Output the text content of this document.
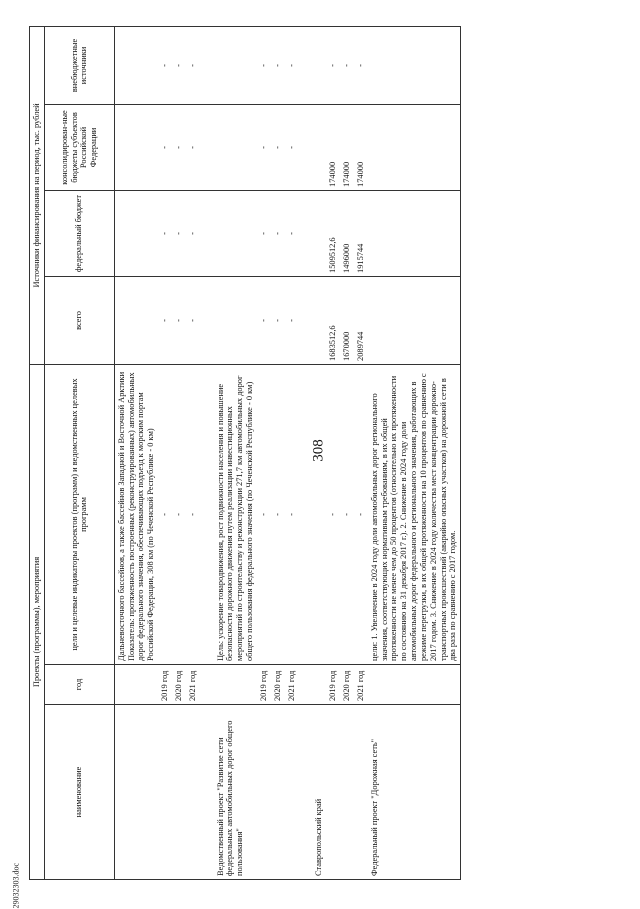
308
29032303.doc
Проекты (программы), мероприятия			Источники финансирования на период, тыс. рублей			
наименование	год	цели и целевые индикаторы проектов (программ) и ведомственных целевых программ	всего	федеральный бюджет	консолидирован-ные бюджеты субъектов Российской Федерации	внебюджетные источники
		Дальневосточного бассейнов, а также бассейнов Западной и Восточной Арктики Показатель: протяженность построенных (реконструированных) автомобильных дорог федерального значения, обеспечивающих подъезд к морским портам Российской Федерации, 308 км (по Чеченской Республике - 0 км)				
	2019 год	-	-	-	-	-
	2020 год	-	-	-	-	-
	2021 год	-	-	-	-	-

Ведомственный проект "Развитие сети федеральных автомобильных дорог общего пользования"		Цель: ускорение товародвижения, рост подвижности населения и повышение безопасности дорожного движения путем реализации инвестиционных мероприятий по строительству и реконструкции 271,7 км автомобильных дорог общего пользования федерального значения (по Чеченской Республике - 0 км)				
	2019 год	-	-	-	-	-
	2020 год	-	-	-	-	-
	2021 год	-	-	-	-	-

Ставропольский край						
	2019 год	-	1683512,6	1509512,6	174000	-
	2020 год	-	1670000	1496000	174000	-
	2021 год	-	2089744	1915744	174000	-
Федеральный проект "Дорожная сеть"		цели: 1. Увеличение в 2024 году доли автомобильных дорог регионального значения, соответствующих нормативным требованиям, в их общей протяженности не менее чем до 50 процентов (относительно их протяженности по состоянию на 31 декабря 2017 г.). 2. Снижение в 2024 году доли автомобильных дорог федерального и регионального значения, работающих в режиме перегрузки, в их общей протяженности на 10 процентов по сравнению с 2017 годом. 3. Снижение в 2024 году количества мест концентрации дорожно-транспортных происшествий (аварийно опасных участков) на дорожной сети в два раза по сравнению с 2017 годом.				
